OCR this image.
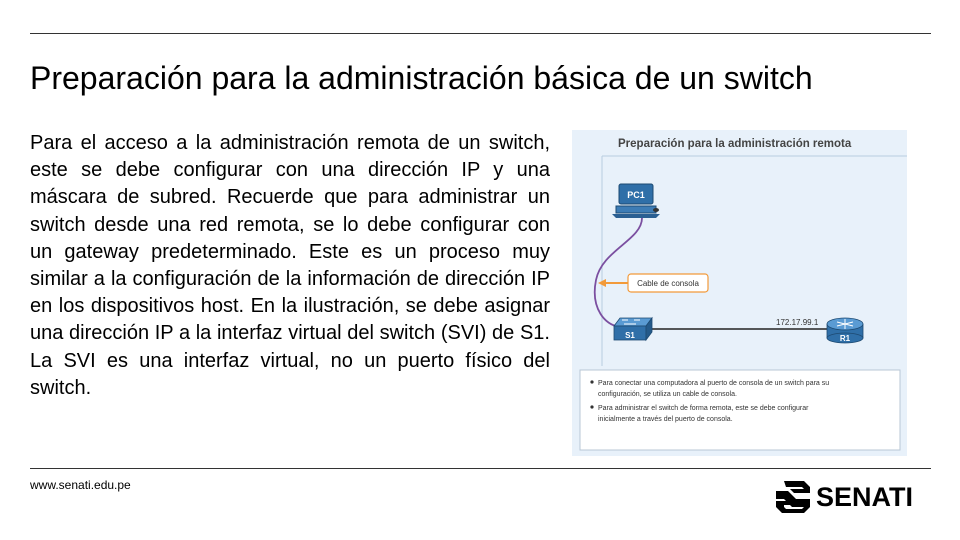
Preparación para la administración básica de un switch

Para el acceso a la administración remota de un switch, este se debe configurar con una dirección IP y una máscara de subred. Recuerde que para administrar un switch desde una red remota, se lo debe configurar con un gateway predeterminado. Este es un proceso muy similar a la configuración de la información de dirección IP en los dispositivos host. En la ilustración, se debe asignar una dirección IP a la interfaz virtual del switch (SVI) de S1. La SVI es una interfaz virtual, no un puerto físico del switch.

Preparación para la administración remota
PC1
Cable de consola
172.17.99.1
S1	R1
Para conectar una computadora al puerto de consola de un switch para su
configuración, se utiliza un cable de consola.
Para administrar el switch de forma remota, este se debe configurar
inicialmente a través del puerto de consola.
www.senati.edu.pe	SENATI
